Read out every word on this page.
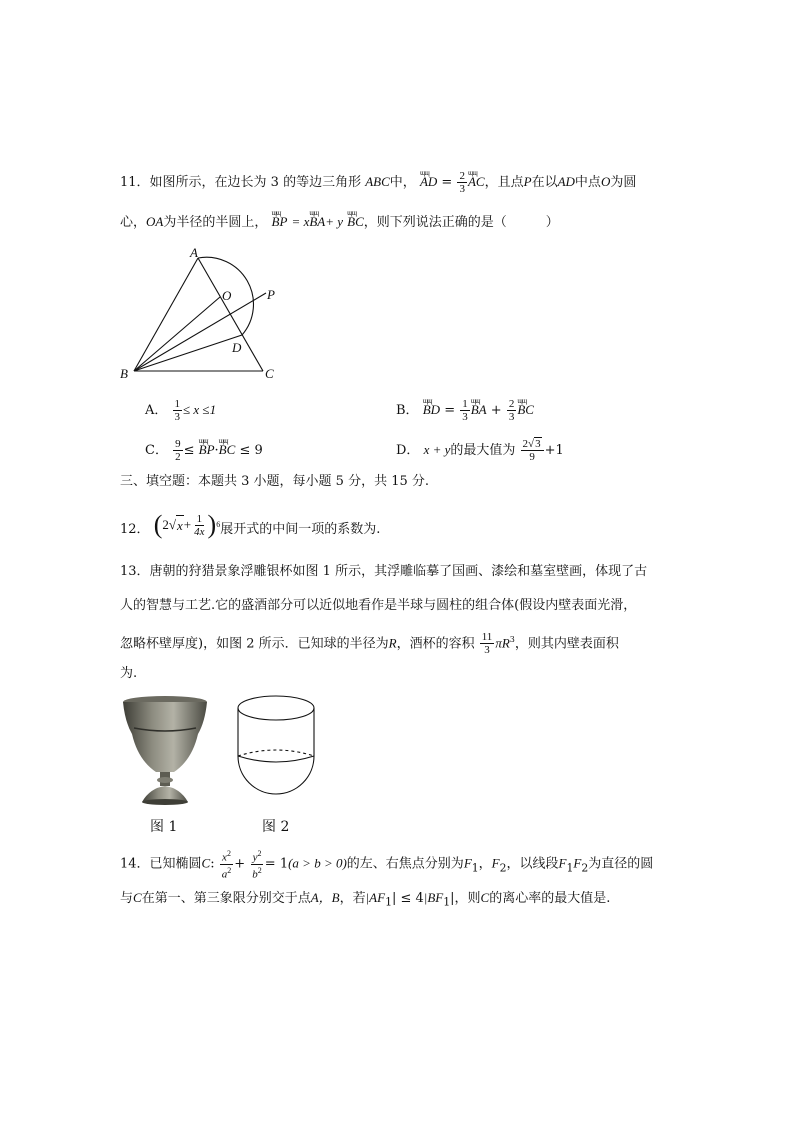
11．如图所示，在边长为 3 的等边三角形 ABC中， ɰɰ AD = $\frac{2}{3}$ ɰɰ AC，且点P在以AD中点O为圆
心，OA为半径的半圆上， ɰɰ BP = xɰɰ BA+ y ɰɰ BC，则下列说法正确的是（　　　）
A
B	C
O	P
D
A． $\frac{1}{3} \le x \le 1$	B． ɰɰ BD = $\frac{1}{3}$ ɰɰ BA + $\frac{2}{3}$ ɰɰ BC
C． $\frac{9}{2}$ ≤ ɰɰ BP·ɰɰ BC ≤ 9	D． x + y的最大值为 $\frac{2√3}{9} +1$
三、填空题：本题共 3 小题，每小题 5 分，共 15 分.
12． ( 2 √ $x + \frac{1}{4x}$ ) 6 展开式的中间一项的系数为.
13．唐朝的狩猎景象浮雕银杯如图 1 所示，其浮雕临摹了国画、漆绘和墓室壁画，体现了古
人的智慧与工艺.它的盛酒部分可以近似地看作是半球与圆柱的组合体(假设内壁表面光滑，
忽略杯壁厚度)，如图 2 所示．已知球的半径为R，酒杯的容积 $\frac{11}{3} \pi R^3$，则其内壁表面积
为.
图 1	图 2
14．已知椭圆C: $\frac{x^2}{a^2} + \frac{y^2}{b^2} = 1(a > b > 0)$的左、右焦点分别为$F_1$，$F_2$，以线段$F_1F_2$为直径的圆
与C在第一、第三象限分别交于点A，B，若$|AF_1| \le 4|BF_1|$，则C的离心率的最大值是.
